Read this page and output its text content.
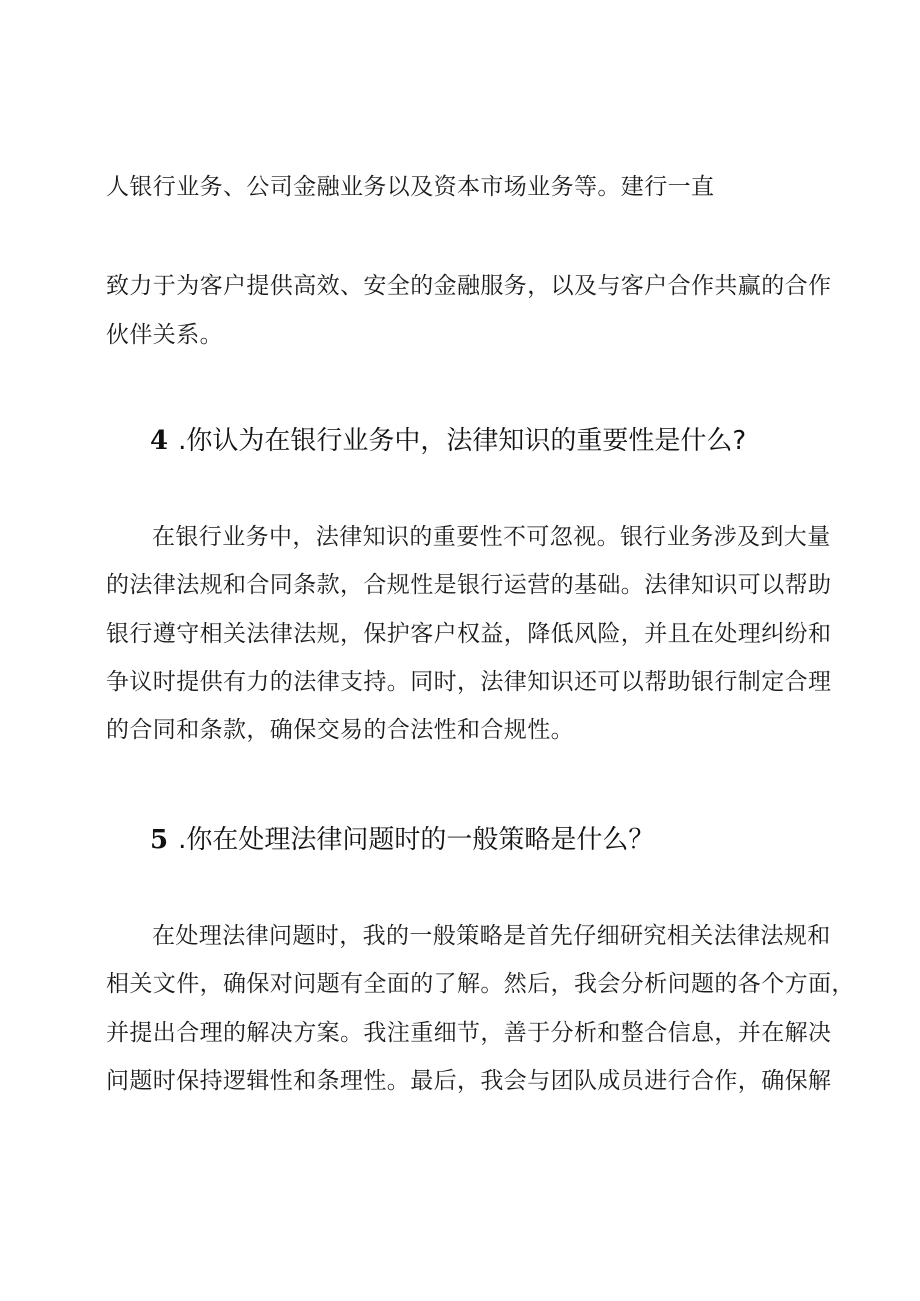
人银行业务、公司金融业务以及资本市场业务等。建行一直
致力于为客户提供高效、安全的金融服务，以及与客户合作共赢的合作
伙伴关系。
4 .你认为在银行业务中，法律知识的重要性是什么?
在银行业务中，法律知识的重要性不可忽视。银行业务涉及到大量
的法律法规和合同条款，合规性是银行运营的基础。法律知识可以帮助
银行遵守相关法律法规，保护客户权益，降低风险，并且在处理纠纷和
争议时提供有力的法律支持。同时，法律知识还可以帮助银行制定合理
的合同和条款，确保交易的合法性和合规性。
5 .你在处理法律问题时的一般策略是什么？
在处理法律问题时，我的一般策略是首先仔细研究相关法律法规和
相关文件，确保对问题有全面的了解。然后，我会分析问题的各个方面，
并提出合理的解决方案。我注重细节，善于分析和整合信息，并在解决
问题时保持逻辑性和条理性。最后，我会与团队成员进行合作，确保解
